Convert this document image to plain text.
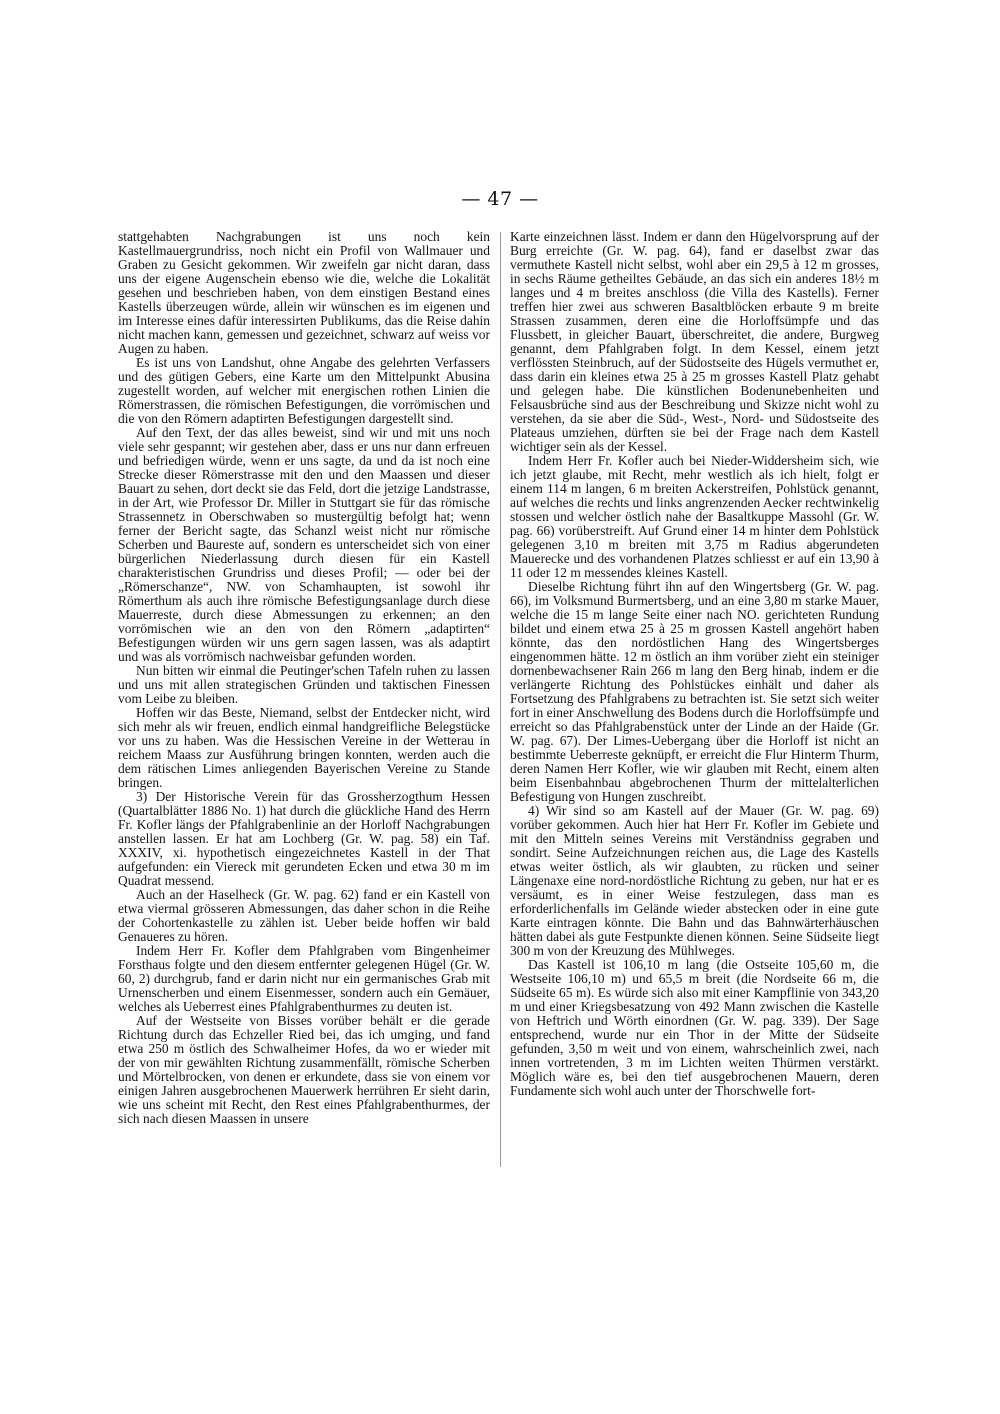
— 47 —

stattgehabten Nachgrabungen ist uns noch kein Kastellmauergrundriss, noch nicht ein Profil von Wallmauer und Graben zu Gesicht gekommen. Wir zweifeln gar nicht daran, dass uns der eigene Augenschein ebenso wie die, welche die Lokalität gesehen und beschrieben haben, von dem einstigen Bestand eines Kastells überzeugen würde, allein wir wünschen es im eigenen und im Interesse eines dafür interessirten Publikums, das die Reise dahin nicht machen kann, gemessen und gezeichnet, schwarz auf weiss vor Augen zu haben.

Es ist uns von Landshut, ohne Angabe des gelehrten Verfassers und des gütigen Gebers, eine Karte um den Mittelpunkt Abusina zugestellt worden, auf welcher mit energischen rothen Linien die Römerstrassen, die römischen Befestigungen, die vorrömischen und die von den Römern adaptirten Befestigungen dargestellt sind.

Auf den Text, der das alles beweist, sind wir und mit uns noch viele sehr gespannt; wir gestehen aber, dass er uns nur dann erfreuen und befriedigen würde, wenn er uns sagte, da und da ist noch eine Strecke dieser Römerstrasse mit den und den Maassen und dieser Bauart zu sehen, dort deckt sie das Feld, dort die jetzige Landstrasse, in der Art, wie Professor Dr. Miller in Stuttgart sie für das römische Strassennetz in Oberschwaben so mustergültig befolgt hat; wenn ferner der Bericht sagte, das Schanzl weist nicht nur römische Scherben und Baureste auf, sondern es unterscheidet sich von einer bürgerlichen Niederlassung durch diesen für ein Kastell charakteristischen Grundriss und dieses Profil; — oder bei der „Römerschanze“, NW. von Schamhaupten, ist sowohl ihr Römerthum als auch ihre römische Befestigungsanlage durch diese Mauerreste, durch diese Abmessungen zu erkennen; an den vorrömischen wie an den von den Römern „adaptirten“ Befestigungen würden wir uns gern sagen lassen, was als adaptirt und was als vorrömisch nachweisbar gefunden worden.

Nun bitten wir einmal die Peutinger'schen Tafeln ruhen zu lassen und uns mit allen strategischen Gründen und taktischen Finessen vom Leibe zu bleiben.

Hoffen wir das Beste, Niemand, selbst der Entdecker nicht, wird sich mehr als wir freuen, endlich einmal handgreifliche Belegstücke vor uns zu haben. Was die Hessischen Vereine in der Wetterau in reichem Maass zur Ausführung bringen konnten, werden auch die dem rätischen Limes anliegenden Bayerischen Vereine zu Stande bringen.

3) Der Historische Verein für das Grossherzogthum Hessen (Quartalblätter 1886 No. 1) hat durch die glückliche Hand des Herrn Fr. Kofler längs der Pfahlgrabenlinie an der Horloff Nachgrabungen anstellen lassen. Er hat am Lochberg (Gr. W. pag. 58) ein Taf. XXXIV, xi. hypothetisch eingezeichnetes Kastell in der That aufgefunden: ein Viereck mit gerundeten Ecken und etwa 30 m im Quadrat messend.

Auch an der Haselheck (Gr. W. pag. 62) fand er ein Kastell von etwa viermal grösseren Abmessungen, das daher schon in die Reihe der Cohortenkastelle zu zählen ist. Ueber beide hoffen wir bald Genaueres zu hören.

Indem Herr Fr. Kofler dem Pfahlgraben vom Bingenheimer Forsthaus folgte und den diesem entfernter gelegenen Hügel (Gr. W. 60, 2) durchgrub, fand er darin nicht nur ein germanisches Grab mit Urnenscherben und einem Eisenmesser, sondern auch ein Gemäuer, welches als Ueberrest eines Pfahlgrabenthurmes zu deuten ist.

Auf der Westseite von Bisses vorüber behält er die gerade Richtung durch das Echzeller Ried bei, das ich umging, und fand etwa 250 m östlich des Schwalheimer Hofes, da wo er wieder mit der von mir gewählten Richtung zusammenfällt, römische Scherben und Mörtelbrocken, von denen er erkundete, dass sie von einem vor einigen Jahren ausgebrochenen Mauerwerk herrühren Er sieht darin, wie uns scheint mit Recht, den Rest eines Pfahlgrabenthurmes, der sich nach diesen Maassen in unsere

Karte einzeichnen lässt. Indem er dann den Hügelvorsprung auf der Burg erreichte (Gr. W. pag. 64), fand er daselbst zwar das vermuthete Kastell nicht selbst, wohl aber ein 29,5 à 12 m grosses, in sechs Räume getheiltes Gebäude, an das sich ein anderes 18½ m langes und 4 m breites anschloss (die Villa des Kastells). Ferner treffen hier zwei aus schweren Basaltblöcken erbaute 9 m breite Strassen zusammen, deren eine die Horloffsümpfe und das Flussbett, in gleicher Bauart, überschreitet, die andere, Burgweg genannt, dem Pfahlgraben folgt. In dem Kessel, einem jetzt verflössten Steinbruch, auf der Südostseite des Hügels vermuthet er, dass darin ein kleines etwa 25 à 25 m grosses Kastell Platz gehabt und gelegen habe. Die künstlichen Bodenunebenheiten und Felsausbrüche sind aus der Beschreibung und Skizze nicht wohl zu verstehen, da sie aber die Süd-, West-, Nord- und Südostseite des Plateaus umziehen, dürften sie bei der Frage nach dem Kastell wichtiger sein als der Kessel.

Indem Herr Fr. Kofler auch bei Nieder-Widdersheim sich, wie ich jetzt glaube, mit Recht, mehr westlich als ich hielt, folgt er einem 114 m langen, 6 m breiten Ackerstreifen, Pohlstück genannt, auf welches die rechts und links angrenzenden Aecker rechtwinkelig stossen und welcher östlich nahe der Basaltkuppe Massohl (Gr. W. pag. 66) vorüberstreift. Auf Grund einer 14 m hinter dem Pohlstück gelegenen 3,10 m breiten mit 3,75 m Radius abgerundeten Mauerecke und des vorhandenen Platzes schliesst er auf ein 13,90 à 11 oder 12 m messendes kleines Kastell.

Dieselbe Richtung führt ihn auf den Wingertsberg (Gr. W. pag. 66), im Volksmund Burmertsberg, und an eine 3,80 m starke Mauer, welche die 15 m lange Seite einer nach NO. gerichteten Rundung bildet und einem etwa 25 à 25 m grossen Kastell angehört haben könnte, das den nordöstlichen Hang des Wingertsberges eingenommen hätte. 12 m östlich an ihm vorüber zieht ein steiniger dornenbewachsener Rain 266 m lang den Berg hinab, indem er die verlängerte Richtung des Pohlstückes einhält und daher als Fortsetzung des Pfahlgrabens zu betrachten ist. Sie setzt sich weiter fort in einer Anschwellung des Bodens durch die Horloffsümpfe und erreicht so das Pfahlgrabenstück unter der Linde an der Haide (Gr. W. pag. 67). Der Limes-Uebergang über die Horloff ist nicht an bestimmte Ueberreste geknüpft, er erreicht die Flur Hinterm Thurm, deren Namen Herr Kofler, wie wir glauben mit Recht, einem alten beim Eisenbahnbau abgebrochenen Thurm der mittelalterlichen Befestigung von Hungen zuschreibt.

4) Wir sind so am Kastell auf der Mauer (Gr. W. pag. 69) vorüber gekommen. Auch hier hat Herr Fr. Kofler im Gebiete und mit den Mitteln seines Vereins mit Verständniss gegraben und sondirt. Seine Aufzeichnungen reichen aus, die Lage des Kastells etwas weiter östlich, als wir glaubten, zu rücken und seiner Längenaxe eine nord-nordöstliche Richtung zu geben, nur hat er es versäumt, es in einer Weise festzulegen, dass man es erforderlichenfalls im Gelände wieder abstecken oder in eine gute Karte eintragen könnte. Die Bahn und das Bahnwärterhäuschen hätten dabei als gute Festpunkte dienen können. Seine Südseite liegt 300 m von der Kreuzung des Mühlweges.

Das Kastell ist 106,10 m lang (die Ostseite 105,60 m, die Westseite 106,10 m) und 65,5 m breit (die Nordseite 66 m, die Südseite 65 m). Es würde sich also mit einer Kampflinie von 343,20 m und einer Kriegsbesatzung von 492 Mann zwischen die Kastelle von Heftrich und Wörth einordnen (Gr. W. pag. 339). Der Sage entsprechend, wurde nur ein Thor in der Mitte der Südseite gefunden, 3,50 m weit und von einem, wahrscheinlich zwei, nach innen vortretenden, 3 m im Lichten weiten Thürmen verstärkt. Möglich wäre es, bei den tief ausgebrochenen Mauern, deren Fundamente sich wohl auch unter der Thorschwelle fort-
